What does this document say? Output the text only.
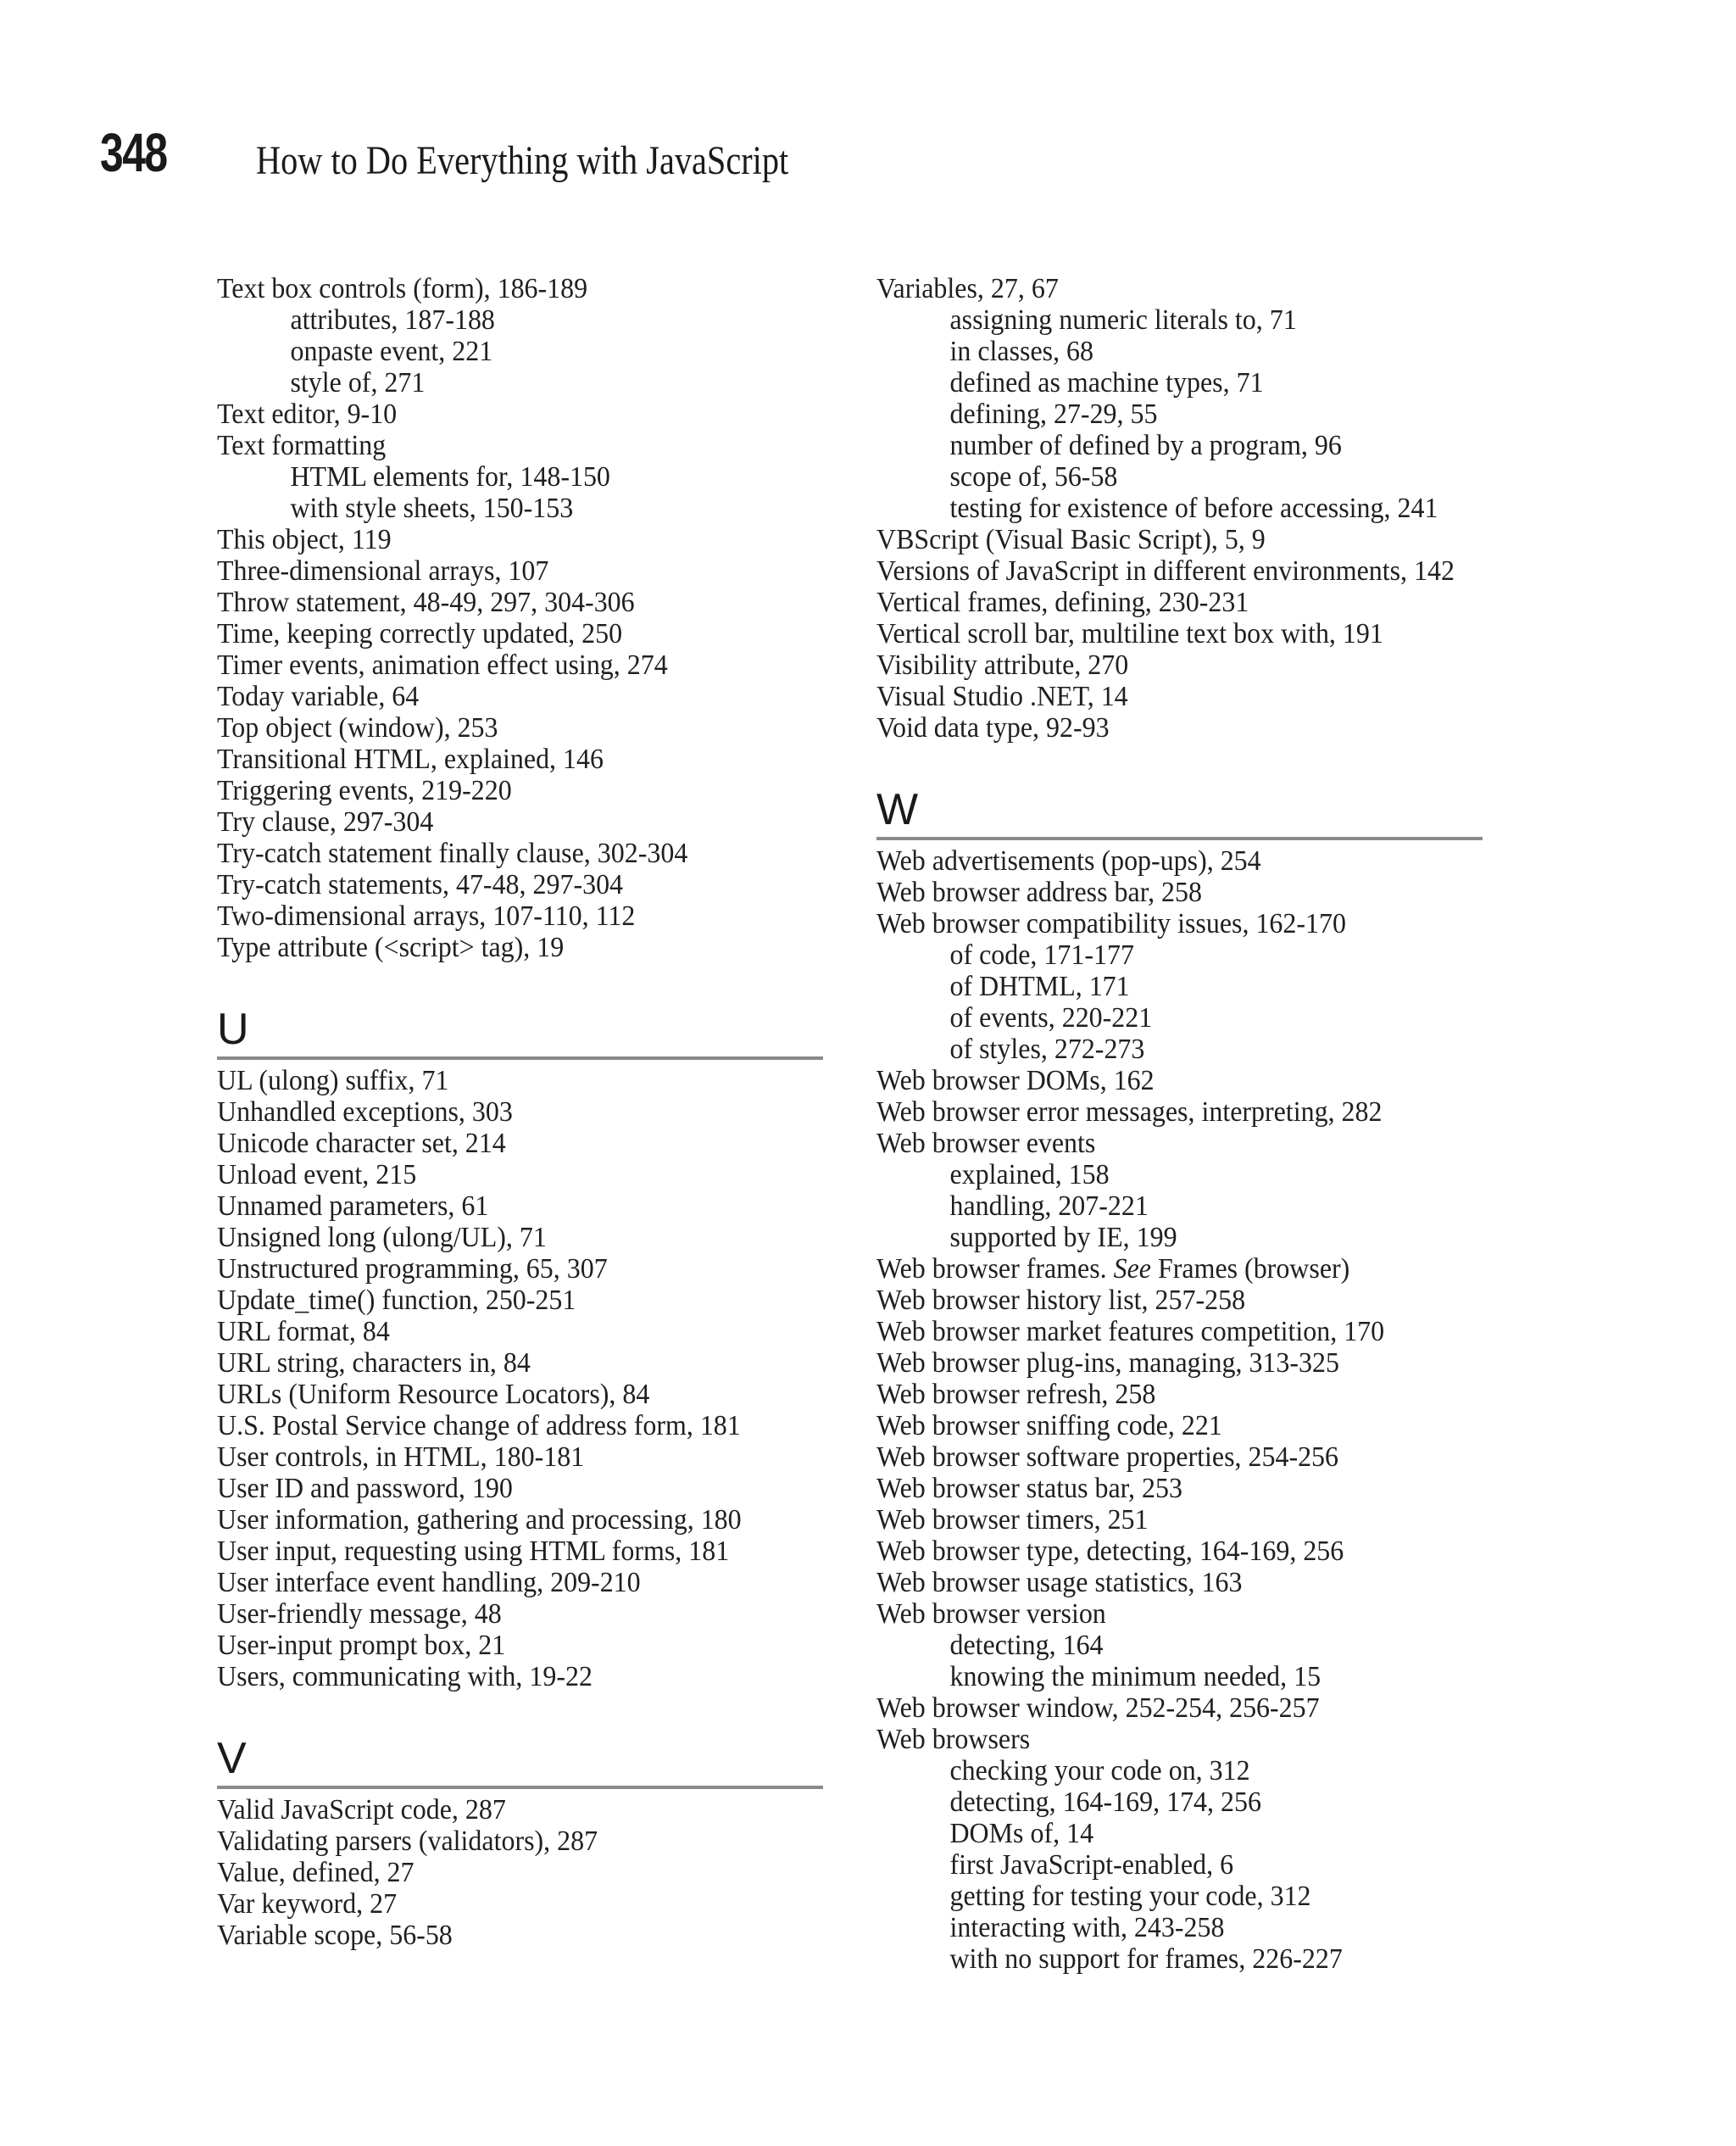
348 How to Do Everything with JavaScript
Text box controls (form), 186-189
attributes, 187-188
onpaste event, 221
style of, 271
Text editor, 9-10
Text formatting
HTML elements for, 148-150
with style sheets, 150-153
This object, 119
Three-dimensional arrays, 107
Throw statement, 48-49, 297, 304-306
Time, keeping correctly updated, 250
Timer events, animation effect using, 274
Today variable, 64
Top object (window), 253
Transitional HTML, explained, 146
Triggering events, 219-220
Try clause, 297-304
Try-catch statement finally clause, 302-304
Try-catch statements, 47-48, 297-304
Two-dimensional arrays, 107-110, 112
Type attribute (<script> tag), 19
U
UL (ulong) suffix, 71
Unhandled exceptions, 303
Unicode character set, 214
Unload event, 215
Unnamed parameters, 61
Unsigned long (ulong/UL), 71
Unstructured programming, 65, 307
Update_time() function, 250-251
URL format, 84
URL string, characters in, 84
URLs (Uniform Resource Locators), 84
U.S. Postal Service change of address form, 181
User controls, in HTML, 180-181
User ID and password, 190
User information, gathering and processing, 180
User input, requesting using HTML forms, 181
User interface event handling, 209-210
User-friendly message, 48
User-input prompt box, 21
Users, communicating with, 19-22
V
Valid JavaScript code, 287
Validating parsers (validators), 287
Value, defined, 27
Var keyword, 27
Variable scope, 56-58
Variables, 27, 67
assigning numeric literals to, 71
in classes, 68
defined as machine types, 71
defining, 27-29, 55
number of defined by a program, 96
scope of, 56-58
testing for existence of before accessing, 241
VBScript (Visual Basic Script), 5, 9
Versions of JavaScript in different environments, 142
Vertical frames, defining, 230-231
Vertical scroll bar, multiline text box with, 191
Visibility attribute, 270
Visual Studio .NET, 14
Void data type, 92-93
W
Web advertisements (pop-ups), 254
Web browser address bar, 258
Web browser compatibility issues, 162-170
of code, 171-177
of DHTML, 171
of events, 220-221
of styles, 272-273
Web browser DOMs, 162
Web browser error messages, interpreting, 282
Web browser events
explained, 158
handling, 207-221
supported by IE, 199
Web browser frames. See Frames (browser)
Web browser history list, 257-258
Web browser market features competition, 170
Web browser plug-ins, managing, 313-325
Web browser refresh, 258
Web browser sniffing code, 221
Web browser software properties, 254-256
Web browser status bar, 253
Web browser timers, 251
Web browser type, detecting, 164-169, 256
Web browser usage statistics, 163
Web browser version
detecting, 164
knowing the minimum needed, 15
Web browser window, 252-254, 256-257
Web browsers
checking your code on, 312
detecting, 164-169, 174, 256
DOMs of, 14
first JavaScript-enabled, 6
getting for testing your code, 312
interacting with, 243-258
with no support for frames, 226-227
